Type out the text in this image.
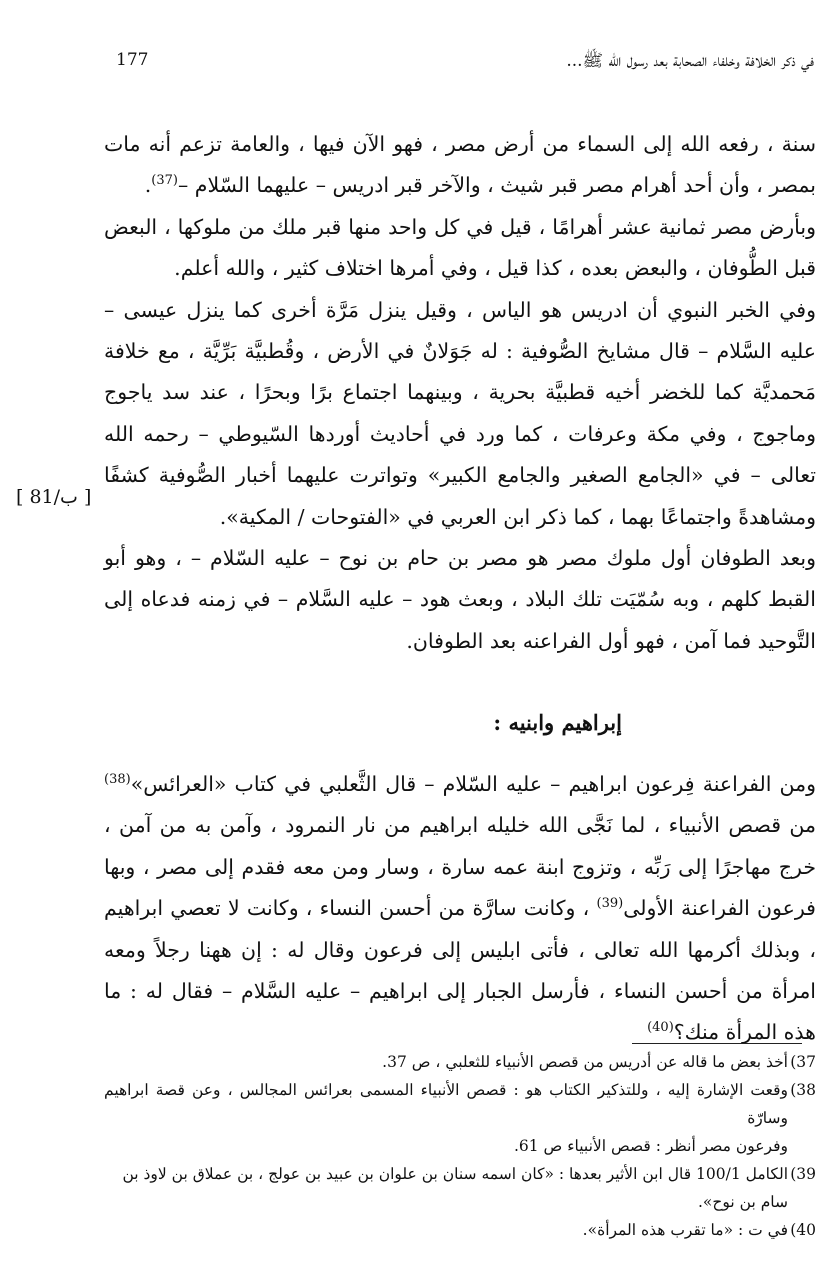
177	في ذكر الخلافة وخلفاء الصحابة بعد رسول الله ﷺ...

سنة ، رفعه الله إلى السماء من أرض مصر ، فهو الآن فيها ، والعامة تزعم أنه مات بمصر ، وأن أحد أهرام مصر قبر شيث ، والآخر قبر ادريس – عليهما السّلام –$^{(37)}$.

وبأرض مصر ثمانية عشر أهرامًا ، قيل في كل واحد منها قبر ملك من ملوكها ، البعض قبل الطُّوفان ، والبعض بعده ، كذا قيل ، وفي أمرها اختلاف كثير ، والله أعلم.

وفي الخبر النبوي أن ادريس هو الياس ، وقيل ينزل مَرَّة أخرى كما ينزل عيسى – عليه السَّلام – قال مشايخ الصُّوفية : له جَوَلانٌ في الأرض ، وقُطبيَّة بَرِّيَّة ، مع خلافة مَحمديَّة كما للخضر أخيه قطبيَّة بحرية ، وبينهما اجتماع برًا وبحرًا ، عند سد ياجوج وماجوج ، وفي مكة وعرفات ، كما ورد في أحاديث أوردها السّيوطي – رحمه الله تعالى – في «الجامع الصغير والجامع الكبير» وتواترت عليهما أخبار الصُّوفية كشفًا ومشاهدةً واجتماعًا بهما ، كما ذكر ابن العربي في «الفتوحات / المكية».

وبعد الطوفان أول ملوك مصر هو مصر بن حام بن نوح – عليه السّلام – ، وهو أبو القبط كلهم ، وبه سُمّيَت تلك البلاد ، وبعث هود – عليه السَّلام – في زمنه فدعاه إلى التَّوحيد فما آمن ، فهو أول الفراعنه بعد الطوفان.

[ 81/ب ]
إبراهيم وابنيه :

ومن الفراعنة فِرعون ابراهيم – عليه السّلام – قال الثَّعلبي في كتاب «العرائس»$^{(38)}$ من قصص الأنبياء ، لما نَجَّى الله خليله ابراهيم من نار النمرود ، وآمن به من آمن ، خرج مهاجرًا إلى رَبِّه ، وتزوج ابنة عمه سارة ، وسار ومن معه فقدم إلى مصر ، وبها فرعون الفراعنة الأولى$^{(39)}$ ، وكانت سارَّة من أحسن النساء ، وكانت لا تعصي ابراهيم ، وبذلك أكرمها الله تعالى ، فأتى ابليس إلى فرعون وقال له : إن ههنا رجلاً ومعه امرأة من أحسن النساء ، فأرسل الجبار إلى ابراهيم – عليه السَّلام – فقال له : ما هذه المرأة منك؟$^{(40)}$

37)
أخذ بعض ما قاله عن أدريس من قصص الأنبياء للثعلبي ، ص 37.
38)
وقعت الإشارة إليه ، وللتذكير الكتاب هو : قصص الأنبياء المسمى بعرائس المجالس ، وعن قصة ابراهيم وسارّة
وفرعون مصر أنظر : قصص الأنبياء ص 61.
39)
الكامل 100/1 قال ابن الأثير بعدها : «كان اسمه سنان بن علوان بن عبيد بن عولج ، بن عملاق بن لاوذ بن
سام بن نوح».
40)
في ت : «ما تقرب هذه المرأة».
